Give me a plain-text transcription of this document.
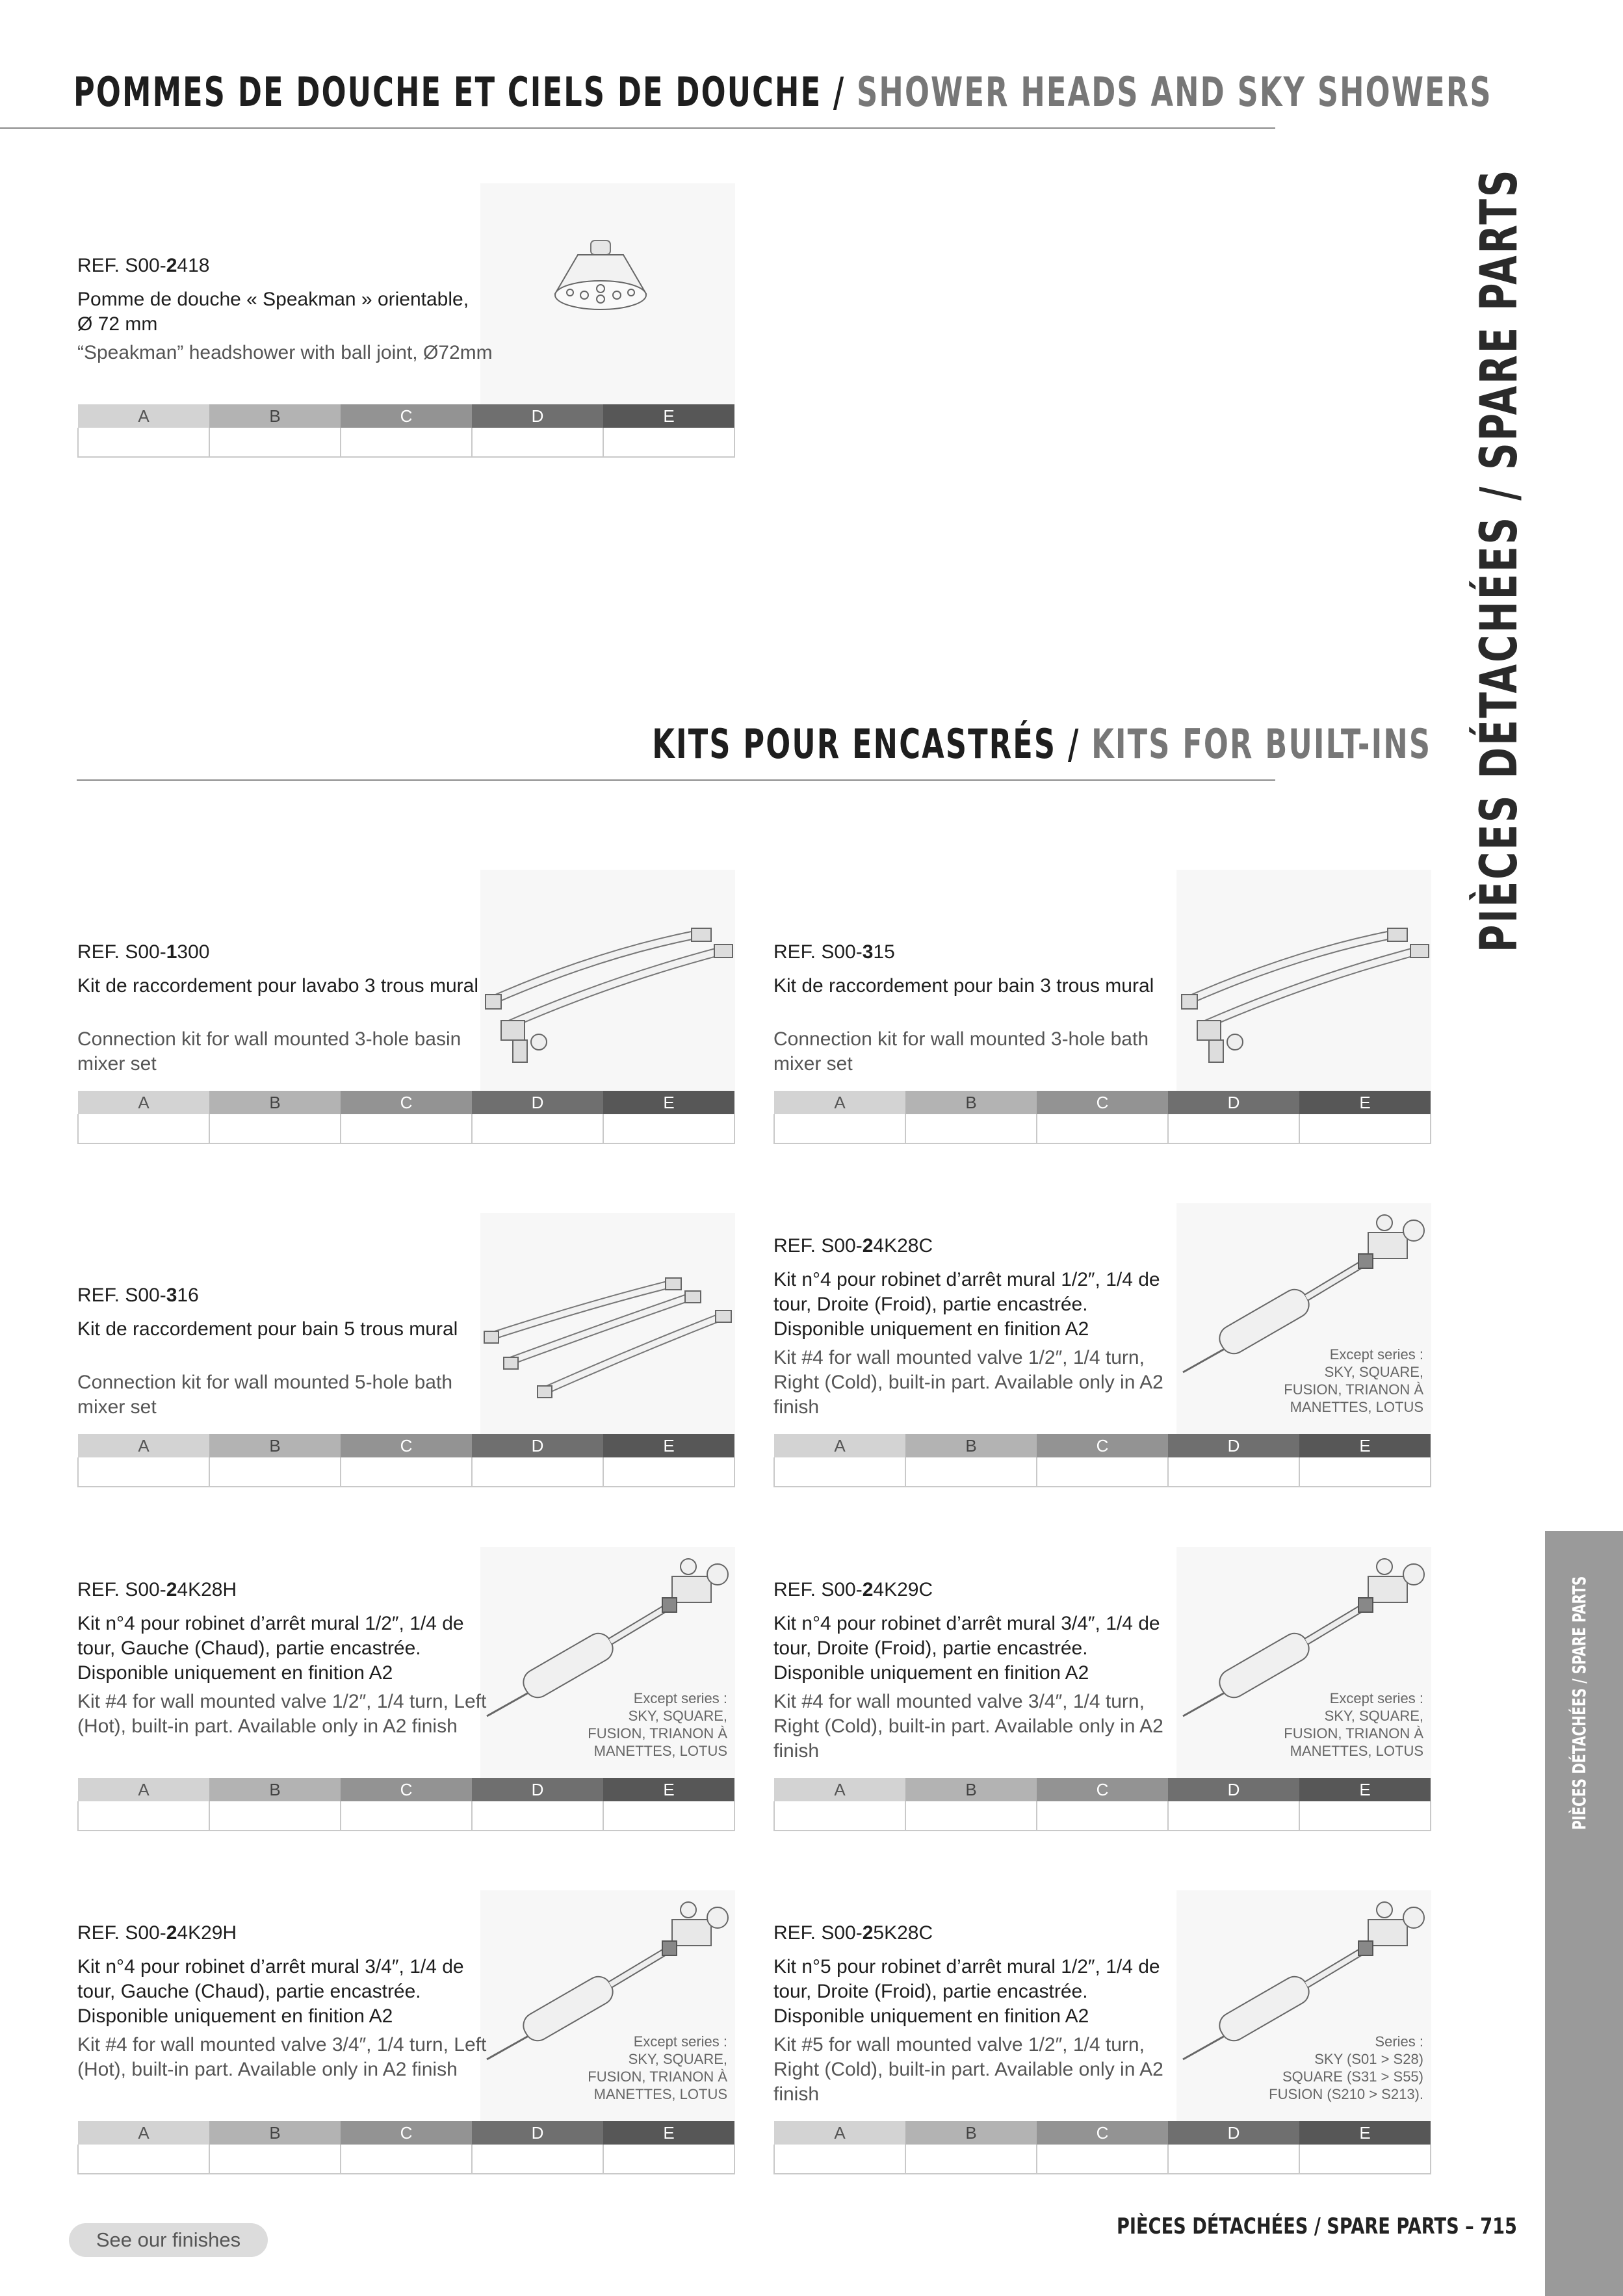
POMMES DE DOUCHE ET CIELS DE DOUCHE / SHOWER HEADS AND SKY SHOWERS
KITS POUR ENCASTRÉS / KITS FOR BUILT-INS PIÈCES DÉTACHÉES / SPARE PARTS
PIÈCES DÉTACHÉES / SPARE PARTS
REF. S00-2418
Pomme de douche « Speakman » orientable, Ø 72 mm
“Speakman” headshower with ball joint, Ø72mm
A	B	C	D	E

REF. S00-1300
Kit de raccordement pour lavabo 3 trous mural
Connection kit for wall mounted 3-hole basin mixer set
A	B	C	D	E

REF. S00-315
Kit de raccordement pour bain 3 trous mural
Connection kit for wall mounted 3-hole bath mixer set
A	B	C	D	E

REF. S00-316
Kit de raccordement pour bain 5 trous mural
Connection kit for wall mounted 5-hole bath mixer set
A	B	C	D	E

Except series :
SKY, SQUARE,
FUSION, TRIANON À
MANETTES, LOTUS
REF. S00-24K28C
Kit n°4 pour robinet d’arrêt mural 1/2″, 1/4 de tour, Droite (Froid), partie encastrée. Disponible uniquement en finition A2
Kit #4 for wall mounted valve 1/2″, 1/4 turn, Right (Cold), built-in part. Available only in A2 finish
A	B	C	D	E

Except series :
SKY, SQUARE,
FUSION, TRIANON À
MANETTES, LOTUS
REF. S00-24K28H
Kit n°4 pour robinet d’arrêt mural 1/2″, 1/4 de tour, Gauche (Chaud), partie encastrée. Disponible uniquement en finition A2
Kit #4 for wall mounted valve 1/2″, 1/4 turn, Left (Hot), built-in part. Available only in A2 finish
A	B	C	D	E

Except series :
SKY, SQUARE,
FUSION, TRIANON À
MANETTES, LOTUS
REF. S00-24K29C
Kit n°4 pour robinet d’arrêt mural 3/4″, 1/4 de tour, Droite (Froid), partie encastrée. Disponible uniquement en finition A2
Kit #4 for wall mounted valve 3/4″, 1/4 turn, Right (Cold), built-in part. Available only in A2 finish
A	B	C	D	E

Except series :
SKY, SQUARE,
FUSION, TRIANON À
MANETTES, LOTUS
REF. S00-24K29H
Kit n°4 pour robinet d’arrêt mural 3/4″, 1/4 de tour, Gauche (Chaud), partie encastrée. Disponible uniquement en finition A2
Kit #4 for wall mounted valve 3/4″, 1/4 turn, Left (Hot), built-in part. Available only in A2 finish
A	B	C	D	E

Series :
SKY (S01 > S28)
SQUARE (S31 > S55)
FUSION (S210 > S213).
REF. S00-25K28C
Kit n°5 pour robinet d’arrêt mural 1/2″, 1/4 de tour, Droite (Froid), partie encastrée. Disponible uniquement en finition A2
Kit #5 for wall mounted valve 1/2″, 1/4 turn, Right (Cold), built-in part. Available only in A2 finish
A	B	C	D	E

See our finishes
PIÈCES DÉTACHÉES / SPARE PARTS – 715
